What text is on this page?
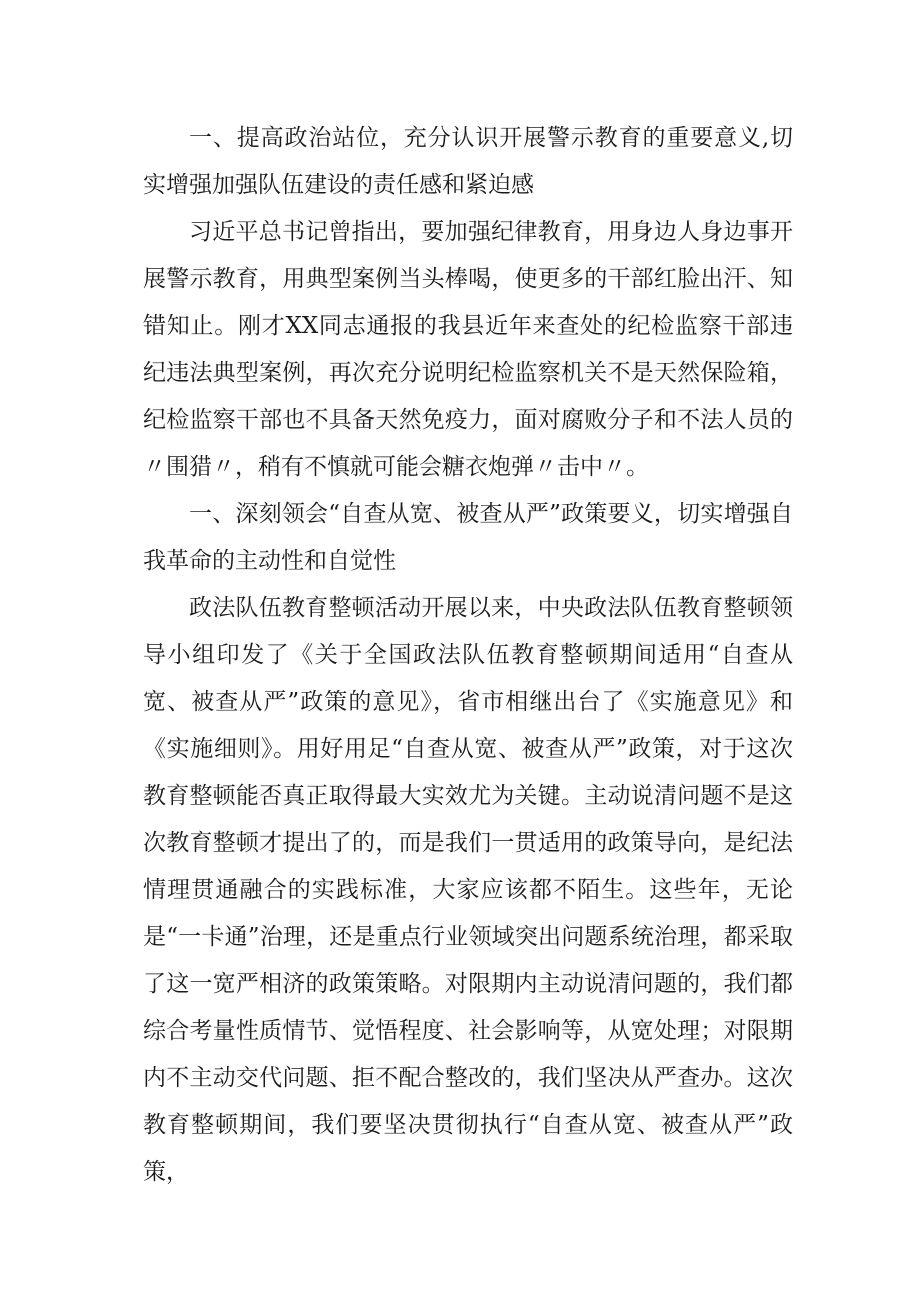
一、提高政治站位，充分认识开展警示教育的重要意义,切实增强加强队伍建设的责任感和紧迫感

习近平总书记曾指出，要加强纪律教育，用身边人身边事开展警示教育，用典型案例当头棒喝，使更多的干部红脸出汗、知错知止。刚才XX同志通报的我县近年来查处的纪检监察干部违纪违法典型案例，再次充分说明纪检监察机关不是天然保险箱，纪检监察干部也不具备天然免疫力，面对腐败分子和不法人员的〃围猎〃，稍有不慎就可能会糖衣炮弹〃击中〃。

一、深刻领会“自查从宽、被查从严”政策要义，切实增强自我革命的主动性和自觉性

政法队伍教育整顿活动开展以来，中央政法队伍教育整顿领导小组印发了《关于全国政法队伍教育整顿期间适用“自查从宽、被查从严”政策的意见》，省市相继出台了《实施意见》和《实施细则》。用好用足“自查从宽、被查从严”政策，对于这次教育整顿能否真正取得最大实效尤为关键。主动说清问题不是这次教育整顿才提出了的，而是我们一贯适用的政策导向，是纪法情理贯通融合的实践标准，大家应该都不陌生。这些年，无论是“一卡通”治理，还是重点行业领域突出问题系统治理，都采取了这一宽严相济的政策策略。对限期内主动说清问题的，我们都综合考量性质情节、觉悟程度、社会影响等，从宽处理；对限期内不主动交代问题、拒不配合整改的，我们坚决从严查办。这次教育整顿期间，我们要坚决贯彻执行“自查从宽、被查从严”政策，
